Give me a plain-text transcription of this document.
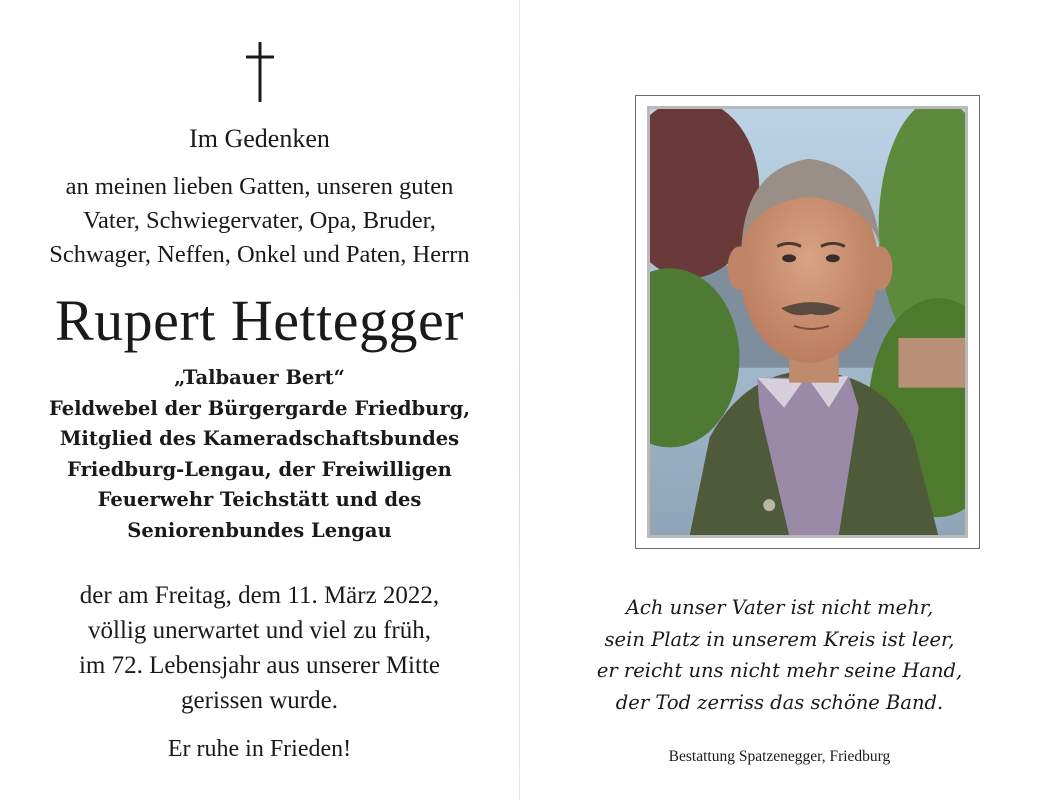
Im Gedenken
an meinen lieben Gatten, unseren guten
Vater, Schwiegervater, Opa, Bruder,
Schwager, Neffen, Onkel und Paten, Herrn
Rupert Hettegger
„Talbauer Bert“
Feldwebel der Bürgergarde Friedburg,
Mitglied des Kameradschaftsbundes
Friedburg-Lengau, der Freiwilligen
Feuerwehr Teichstätt und des
Seniorenbundes Lengau
der am Freitag, dem 11. März 2022,
völlig unerwartet und viel zu früh,
im 72. Lebensjahr aus unserer Mitte
gerissen wurde.
Er ruhe in Frieden!
Ach unser Vater ist nicht mehr,
sein Platz in unserem Kreis ist leer,
er reicht uns nicht mehr seine Hand,
der Tod zerriss das schöne Band.
Bestattung Spatzenegger, Friedburg
